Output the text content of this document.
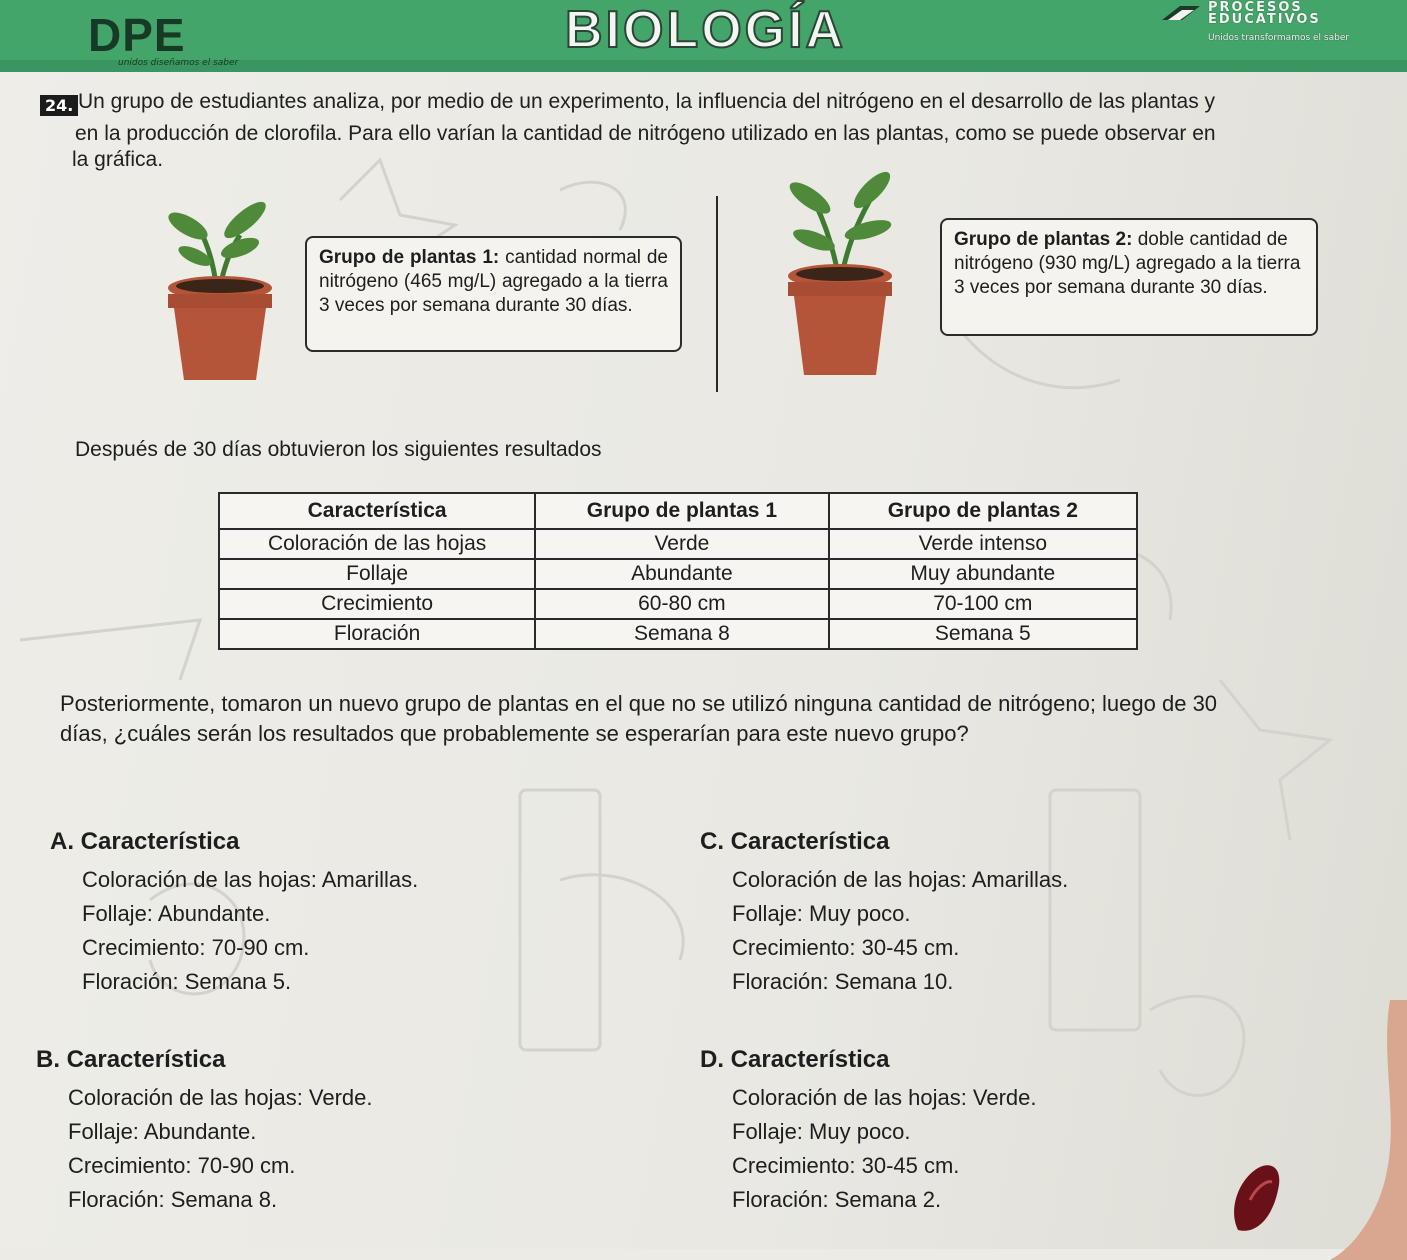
DPE
unidos diseñamos el saber
BIOLOGÍA	PROCESOS
EDUCATIVOS
Unidos transformamos el saber
24. Un grupo de estudiantes analiza, por medio de un experimento, la influencia del nitrógeno en el desarrollo de las plantas y
en la producción de clorofila. Para ello varían la cantidad de nitrógeno utilizado en las plantas, como se puede observar en
la gráfica.
Grupo de plantas 1: cantidad normal de nitrógeno (465 mg/L) agregado a la tierra 3 veces por semana durante 30 días.
Grupo de plantas 2: doble cantidad de nitrógeno (930 mg/L) agregado a la tierra 3 veces por semana durante 30 días.
Después de 30 días obtuvieron los siguientes resultados
Característica	Grupo de plantas 1	Grupo de plantas 2
Coloración de las hojas	Verde	Verde intenso
Follaje	Abundante	Muy abundante
Crecimiento	60-80 cm	70-100 cm
Floración	Semana 8	Semana 5
Posteriormente, tomaron un nuevo grupo de plantas en el que no se utilizó ninguna cantidad de nitrógeno; luego de 30
días, ¿cuáles serán los resultados que probablemente se esperarían para este nuevo grupo?
A. Característica
Coloración de las hojas: Amarillas.
Follaje: Abundante.
Crecimiento: 70-90 cm.
Floración: Semana 5.
B. Característica
Coloración de las hojas: Verde.
Follaje: Abundante.
Crecimiento: 70-90 cm.
Floración: Semana 8.
C. Característica
Coloración de las hojas: Amarillas.
Follaje: Muy poco.
Crecimiento: 30-45 cm.
Floración: Semana 10.
D. Característica
Coloración de las hojas: Verde.
Follaje: Muy poco.
Crecimiento: 30-45 cm.
Floración: Semana 2.
